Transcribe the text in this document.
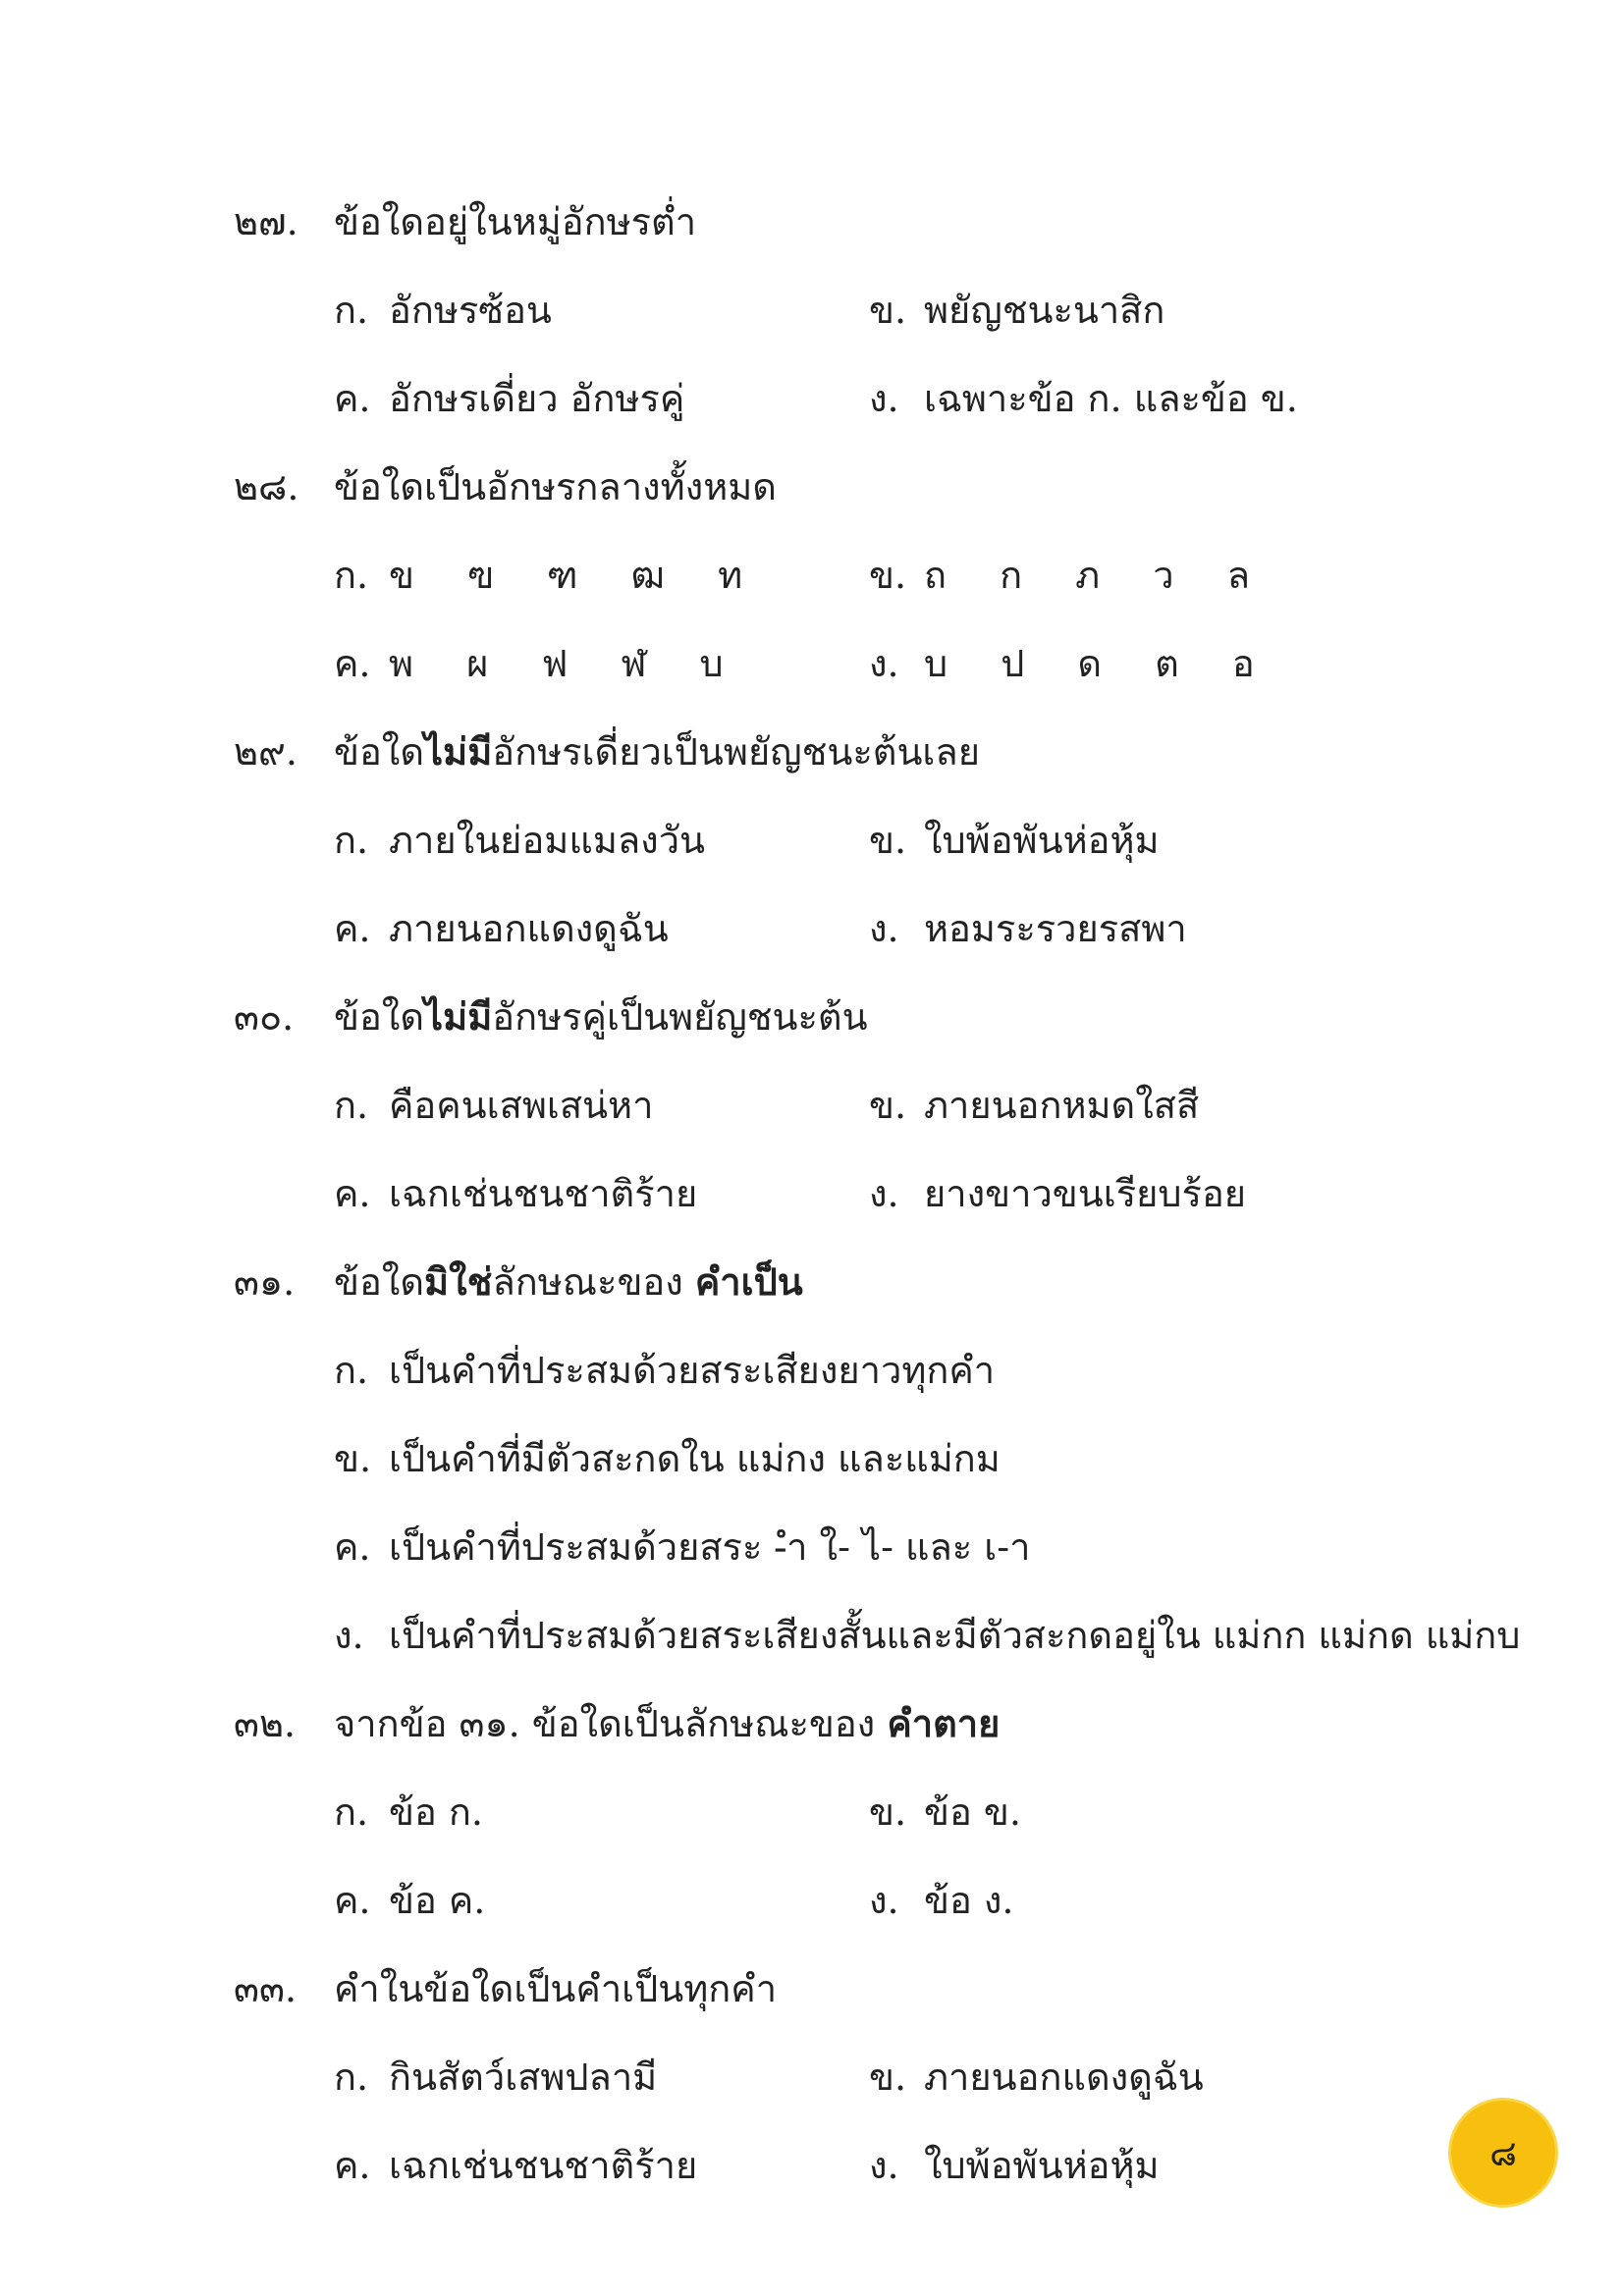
๒๗. ข้อใดอยู่ในหมู่อักษรต่ำ
ก. อักษรซ้อน	ข. พยัญชนะนาสิก
ค. อักษรเดี่ยว อักษรคู่	ง. เฉพาะข้อ ก. และข้อ ข.
๒๘. ข้อใดเป็นอักษรกลางทั้งหมด
ก. ข ฃ ฑ ฒ ท	ข. ถ ก ภ ว ล
ค. พ ผ ฟ ฬ บ	ง. บ ป ด ต อ
๒๙. ข้อใดไม่มีอักษรเดี่ยวเป็นพยัญชนะต้นเลย
ก. ภายในย่อมแมลงวัน	ข. ใบพ้อพันห่อหุ้ม
ค. ภายนอกแดงดูฉัน	ง. หอมระรวยรสพา
๓๐. ข้อใดไม่มีอักษรคู่เป็นพยัญชนะต้น
ก. คือคนเสพเสน่หา	ข. ภายนอกหมดใสสี
ค. เฉกเช่นชนชาติร้าย	ง. ยางขาวขนเรียบร้อย
๓๑. ข้อใดมิใช่ลักษณะของ คำเป็น
ก. เป็นคำที่ประสมด้วยสระเสียงยาวทุกคำ
ข. เป็นคำที่มีตัวสะกดใน แม่กง และแม่กม
ค. เป็นคำที่ประสมด้วยสระ -ำ ใ- ไ- และ เ-า
ง. เป็นคำที่ประสมด้วยสระเสียงสั้นและมีตัวสะกดอยู่ใน แม่กก แม่กด แม่กบ
๓๒. จากข้อ ๓๑. ข้อใดเป็นลักษณะของ คำตาย
ก. ข้อ ก.	ข. ข้อ ข.
ค. ข้อ ค.	ง. ข้อ ง.
๓๓. คำในข้อใดเป็นคำเป็นทุกคำ
ก. กินสัตว์เสพปลามี	ข. ภายนอกแดงดูฉัน
ค. เฉกเช่นชนชาติร้าย	ง. ใบพ้อพันห่อหุ้ม	๘
